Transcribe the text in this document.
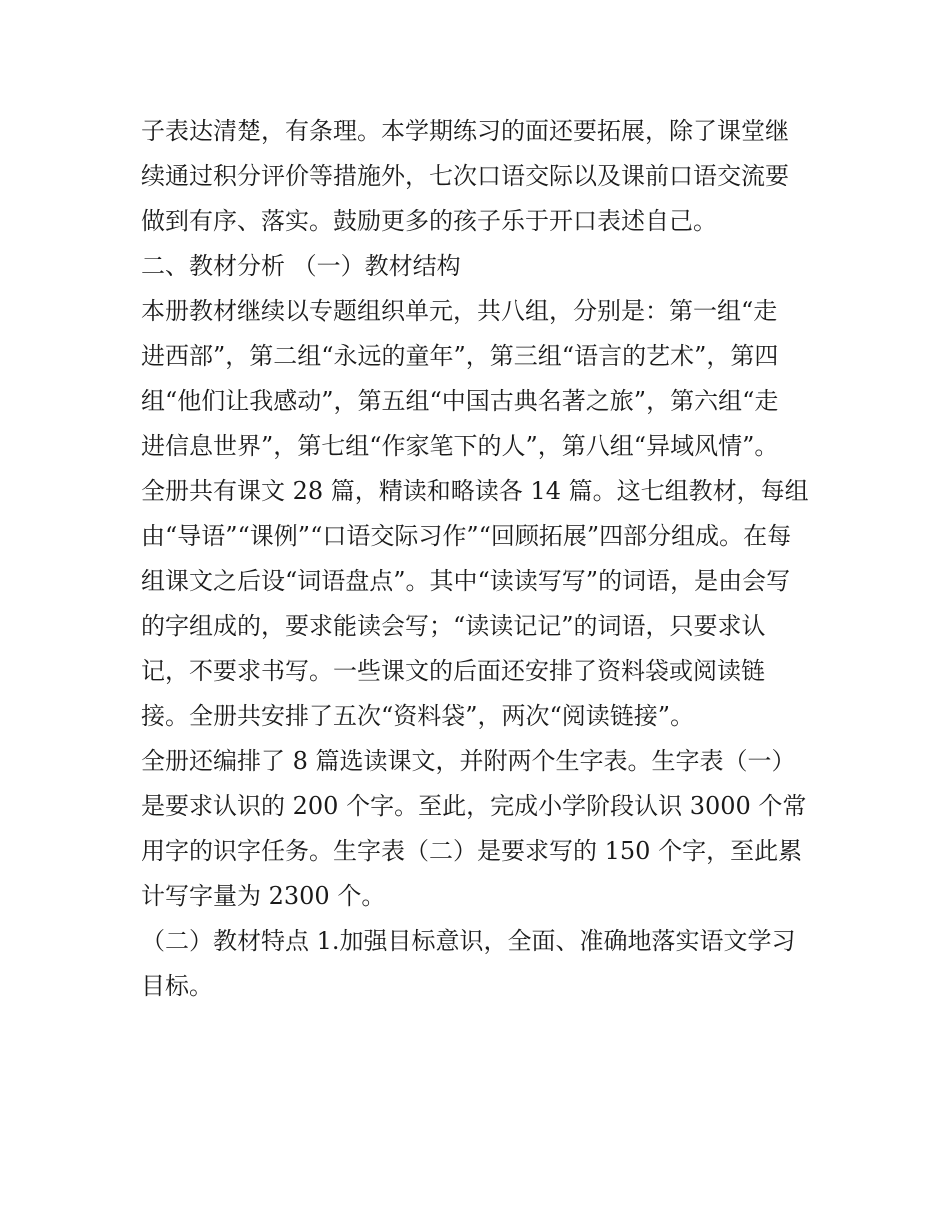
子表达清楚，有条理。本学期练习的面还要拓展，除了课堂继

续通过积分评价等措施外，七次口语交际以及课前口语交流要

做到有序、落实。鼓励更多的孩子乐于开口表述自己。

二、教材分析 （一）教材结构

本册教材继续以专题组织单元，共八组，分别是：第一组“走

进西部”，第二组“永远的童年”，第三组“语言的艺术”，第四

组“他们让我感动”，第五组“中国古典名著之旅”，第六组“走

进信息世界”，第七组“作家笔下的人”，第八组“异域风情”。

全册共有课文 28 篇，精读和略读各 14 篇。这七组教材，每组

由“导语”“课例”“口语交际习作”“回顾拓展”四部分组成。在每

组课文之后设“词语盘点”。其中“读读写写”的词语，是由会写

的字组成的，要求能读会写；“读读记记”的词语，只要求认

记，不要求书写。一些课文的后面还安排了资料袋或阅读链

接。全册共安排了五次“资料袋”，两次“阅读链接”。

全册还编排了 8 篇选读课文，并附两个生字表。生字表（一）

是要求认识的 200 个字。至此，完成小学阶段认识 3000 个常

用字的识字任务。生字表（二）是要求写的 150 个字，至此累

计写字量为 2300 个。

（二）教材特点 1.加强目标意识，全面、准确地落实语文学习

目标。
